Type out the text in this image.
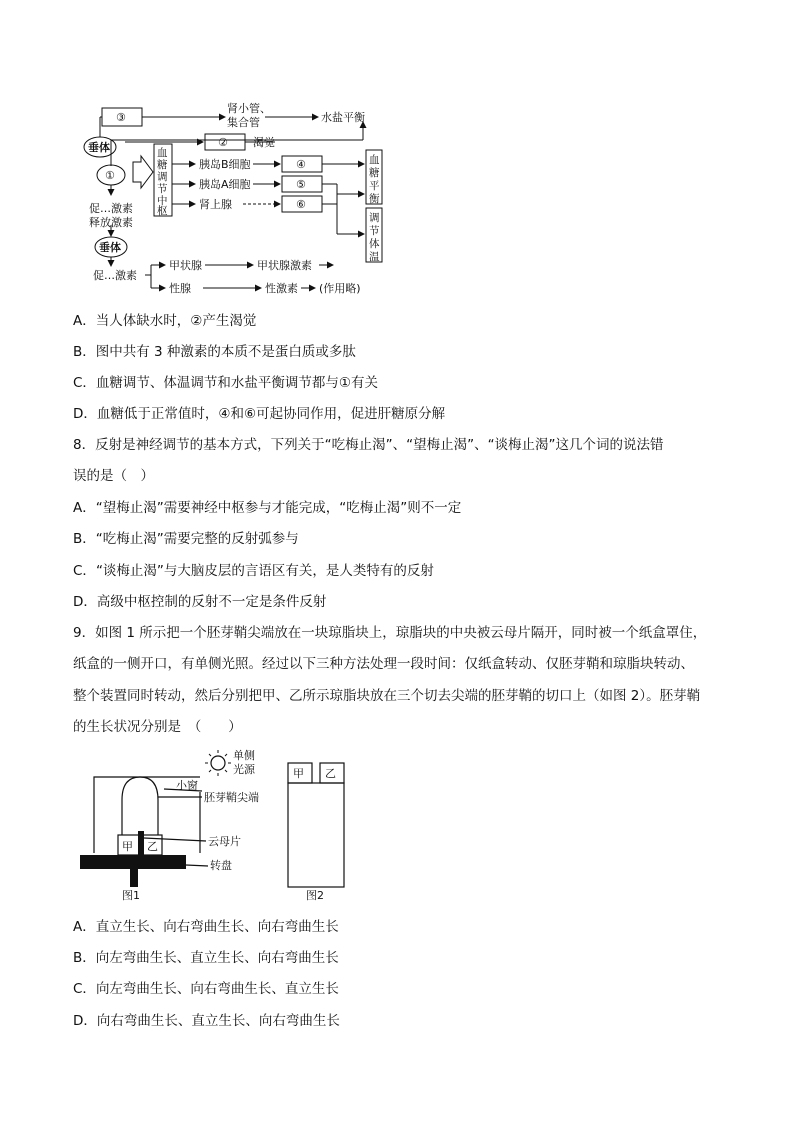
③
②
④
⑤
⑥
①
垂体
垂体
肾小管、
集合管	水盐平衡
渴觉
胰岛B细胞
胰岛A细胞
肾上腺
促…激素
释放激素
促…激素
甲状腺	甲状腺激素
性腺	性激素 (作用略)
血
糖
调
节
中
枢
血
糖
平
衡
调
节
体
温
A．当人体缺水时，②产生渴觉
B．图中共有 3 种激素的本质不是蛋白质或多肽
C．血糖调节、体温调节和水盐平衡调节都与①有关
D．血糖低于正常值时，④和⑥可起协同作用，促进肝糖原分解
8．反射是神经调节的基本方式，下列关于“吃梅止渴”、“望梅止渴”、“谈梅止渴”这几个词的说法错
误的是（　）
A．“望梅止渴”需要神经中枢参与才能完成，“吃梅止渴”则不一定
B．“吃梅止渴”需要完整的反射弧参与
C．“谈梅止渴”与大脑皮层的言语区有关，是人类特有的反射
D．高级中枢控制的反射不一定是条件反射
9．如图 1 所示把一个胚芽鞘尖端放在一块琼脂块上，琼脂块的中央被云母片隔开，同时被一个纸盒罩住，
纸盒的一侧开口，有单侧光照。经过以下三种方法处理一段时间：仅纸盒转动、仅胚芽鞘和琼脂块转动、
整个装置同时转动，然后分别把甲、乙所示琼脂块放在三个切去尖端的胚芽鞘的切口上（如图 2）。胚芽鞘
的生长状况分别是　（　　）
单侧
光源
小窗
胚芽鞘尖端
云母片
转盘
甲 乙
图1	图2
甲 乙
A．直立生长、向右弯曲生长、向右弯曲生长
B．向左弯曲生长、直立生长、向右弯曲生长
C．向左弯曲生长、向右弯曲生长、直立生长
D．向右弯曲生长、直立生长、向右弯曲生长
